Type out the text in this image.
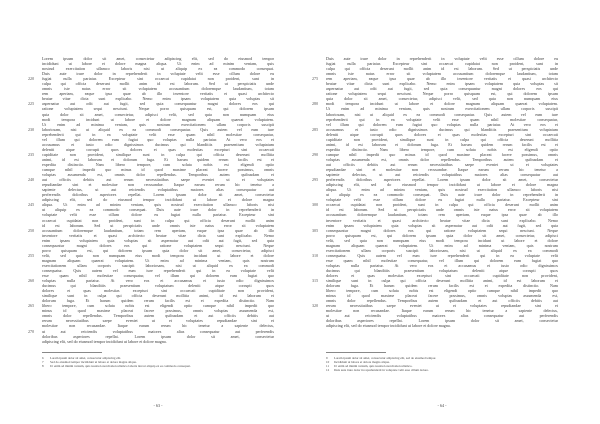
220
225
230
235
240
245
250
255
260
265
270
Lorem ipsum dolor sit amet, consectetur adipiscing elit, sed do eiusmod tempor
incididunt ut labore et dolore magna aliqua. Ut enim ad minim veniam, quis
nostrud exercitation ullamco laboris nisi ut aliquip ex ea commodo consequat.
Duis aute irure dolor in reprehenderit in voluptate velit esse cillum dolore eu
fugiat nulla pariatur. Excepteur sint occaecat cupidatat non proident, sunt in
culpa qui officia deserunt mollit anim id est laborum. Sed ut perspiciatis unde
omnis iste natus error sit voluptatem accusantium doloremque laudantium, totam
rem aperiam, eaque ipsa quae ab illo inventore veritatis et quasi architecto
beatae vitae dicta sunt explicabo. Nemo enim ipsam voluptatem quia voluptas sit
aspernatur aut odit aut fugit, sed quia consequuntur magni dolores eos qui
ratione voluptatem sequi nesciunt. Neque porro quisquam est, qui dolorem ipsum
quia dolor sit amet, consectetur, adipisci velit, sed quia non numquam eius
modi tempora incidunt ut labore et dolore magnam aliquam quaerat voluptatem.
Ut enim ad minima veniam, quis nostrum exercitationem ullam corporis suscipit
laboriosam, nisi ut aliquid ex ea commodi consequatur. Quis autem vel eum iure
reprehenderit qui in ea voluptate velit esse quam nihil molestiae consequatur,
vel illum qui dolorem eum fugiat quo voluptas nulla pariatur. At vero eos et
accusamus et iusto odio dignissimos ducimus qui blanditiis praesentium voluptatum
deleniti atque corrupti quos dolores et quas molestias excepturi sint occaecati
cupiditate non provident, similique sunt in culpa qui officia deserunt mollitia
animi, id est laborum et dolorum fuga. Et harum quidem rerum facilis est et
expedita distinctio. Nam libero tempore, cum soluta nobis est eligendi optio
cumque nihil impedit quo minus id quod maxime placeat facere possimus, omnis
voluptas assumenda est, omnis dolor repellendus. Temporibus autem quibusdam et
aut officiis debitis aut rerum necessitatibus saepe eveniet ut et voluptates
repudiandae sint et molestiae non recusandae. Itaque earum rerum hic tenetur a
sapiente delectus, ut aut reiciendis voluptatibus maiores alias consequatur aut
perferendis doloribus asperiores repellat. Lorem ipsum dolor sit amet, consectetur
adipiscing elit, sed do eiusmod tempor incididunt ut labore et dolore magna
aliqua. Ut enim ad minim veniam, quis nostrud exercitation ullamco laboris nisi
ut aliquip ex ea commodo consequat. Duis aute irure dolor in reprehenderit in
voluptate velit esse cillum dolore eu fugiat nulla pariatur. Excepteur sint
occaecat cupidatat non proident, sunt in culpa qui officia deserunt mollit anim
id est laborum. Sed ut perspiciatis unde omnis iste natus error sit voluptatem
accusantium doloremque laudantium, totam rem aperiam, eaque ipsa quae ab illo
inventore veritatis et quasi architecto beatae vitae dicta sunt explicabo. Nemo
enim ipsam voluptatem quia voluptas sit aspernatur aut odit aut fugit, sed quia
consequuntur magni dolores eos qui ratione voluptatem sequi nesciunt. Neque
porro quisquam est, qui dolorem ipsum quia dolor sit amet, consectetur, adipisci
velit, sed quia non numquam eius modi tempora incidunt ut labore et dolore
magnam aliquam quaerat voluptatem. Ut enim ad minima veniam, quis nostrum
exercitationem ullam corporis suscipit laboriosam, nisi ut aliquid ex ea commodi
consequatur. Quis autem vel eum iure reprehenderit qui in ea voluptate velit
esse quam nihil molestiae consequatur, vel illum qui dolorem eum fugiat quo
voluptas nulla pariatur. At vero eos et accusamus et iusto odio dignissimos
ducimus qui blanditiis praesentium voluptatum deleniti atque corrupti quos
dolores et quas molestias excepturi sint occaecati cupiditate non provident,
similique sunt in culpa qui officia deserunt mollitia animi, id est laborum et
dolorum fuga. Et harum quidem rerum facilis est et expedita distinctio. Nam
libero tempore, cum soluta nobis est eligendi optio cumque nihil impedit quo
minus id quod maxime placeat facere possimus, omnis voluptas assumenda est,
omnis dolor repellendus. Temporibus autem quibusdam et aut officiis debitis aut
rerum necessitatibus saepe eveniet ut et voluptates repudiandae sint et
molestiae non recusandae. Itaque earum rerum hic tenetur a sapiente delectus,
ut aut reiciendis voluptatibus maiores alias consequatur aut perferendis
doloribus asperiores repellat. Lorem ipsum dolor sit amet, consectetur
adipiscing elit, sed do eiusmod tempor incididunt ut labore et dolore magna.
6	Lorem ipsum dolor sit amet, consectetur adipiscing elit.
7	Sed do eiusmod tempor incididunt ut labore et dolore magna aliqua.
8	Ut enim ad minim veniam, quis nostrud exercitation ullamco laboris nisi ut aliquip ex ea commodo consequat.
- 63 -
275
280
285
290
295
300
305
310
315
320
Duis aute irure dolor in reprehenderit in voluptate velit esse cillum dolore eu
fugiat nulla pariatur. Excepteur sint occaecat cupidatat non proident, sunt in
culpa qui officia deserunt mollit anim id est laborum. Sed ut perspiciatis unde
omnis iste natus error sit voluptatem accusantium doloremque laudantium, totam
rem aperiam, eaque ipsa quae ab illo inventore veritatis et quasi architecto
beatae vitae dicta sunt explicabo. Nemo enim ipsam voluptatem quia voluptas sit
aspernatur aut odit aut fugit, sed quia consequuntur magni dolores eos qui
ratione voluptatem sequi nesciunt. Neque porro quisquam est, qui dolorem ipsum
quia dolor sit amet, consectetur, adipisci velit, sed quia non numquam eius
modi tempora incidunt ut labore et dolore magnam aliquam quaerat voluptatem.
Ut enim ad minima veniam, quis nostrum exercitationem ullam corporis suscipit
laboriosam, nisi ut aliquid ex ea commodi consequatur. Quis autem vel eum iure
reprehenderit qui in ea voluptate velit esse quam nihil molestiae consequatur,
vel illum qui dolorem eum fugiat quo voluptas nulla pariatur. At vero eos et
accusamus et iusto odio dignissimos ducimus qui blanditiis praesentium voluptatum
deleniti atque corrupti quos dolores et quas molestias excepturi sint occaecati
cupiditate non provident, similique sunt in culpa qui officia deserunt mollitia
animi, id est laborum et dolorum fuga. Et harum quidem rerum facilis est et
expedita distinctio. Nam libero tempore, cum soluta nobis est eligendi optio
cumque nihil impedit quo minus id quod maxime placeat facere possimus, omnis
voluptas assumenda est, omnis dolor repellendus. Temporibus autem quibusdam et
aut officiis debitis aut rerum necessitatibus saepe eveniet ut et voluptates
repudiandae sint et molestiae non recusandae. Itaque earum rerum hic tenetur a
sapiente delectus, ut aut reiciendis voluptatibus maiores alias consequatur aut
perferendis doloribus asperiores repellat. Lorem ipsum dolor sit amet, consectetur
adipiscing elit, sed do eiusmod tempor incididunt ut labore et dolore magna
aliqua. Ut enim ad minim veniam, quis nostrud exercitation ullamco laboris nisi
ut aliquip ex ea commodo consequat. Duis aute irure dolor in reprehenderit in
voluptate velit esse cillum dolore eu fugiat nulla pariatur. Excepteur sint
occaecat cupidatat non proident, sunt in culpa qui officia deserunt mollit anim
id est laborum. Sed ut perspiciatis unde omnis iste natus error sit voluptatem
accusantium doloremque laudantium, totam rem aperiam, eaque ipsa quae ab illo
inventore veritatis et quasi architecto beatae vitae dicta sunt explicabo. Nemo
enim ipsam voluptatem quia voluptas sit aspernatur aut odit aut fugit, sed quia
consequuntur magni dolores eos qui ratione voluptatem sequi nesciunt. Neque
porro quisquam est, qui dolorem ipsum quia dolor sit amet, consectetur, adipisci
velit, sed quia non numquam eius modi tempora incidunt ut labore et dolore
magnam aliquam quaerat voluptatem. Ut enim ad minima veniam, quis nostrum
exercitationem ullam corporis suscipit laboriosam, nisi ut aliquid ex ea commodi
consequatur. Quis autem vel eum iure reprehenderit qui in ea voluptate velit
esse quam nihil molestiae consequatur, vel illum qui dolorem eum fugiat quo
voluptas nulla pariatur. At vero eos et accusamus et iusto odio dignissimos
ducimus qui blanditiis praesentium voluptatum deleniti atque corrupti quos
dolores et quas molestias excepturi sint occaecati cupiditate non provident,
similique sunt in culpa qui officia deserunt mollitia animi, id est laborum et
dolorum fuga. Et harum quidem rerum facilis est et expedita distinctio. Nam
libero tempore, cum soluta nobis est eligendi optio cumque nihil impedit quo
minus id quod maxime placeat facere possimus, omnis voluptas assumenda est,
omnis dolor repellendus. Temporibus autem quibusdam et aut officiis debitis aut
rerum necessitatibus saepe eveniet ut et voluptates repudiandae sint et
molestiae non recusandae. Itaque earum rerum hic tenetur a sapiente delectus,
ut aut reiciendis voluptatibus maiores alias consequatur aut perferendis
doloribus asperiores repellat. Lorem ipsum dolor sit amet, consectetur
adipiscing elit, sed do eiusmod tempor incididunt ut labore et dolore magna.
9	Lorem ipsum dolor sit amet, consectetur adipiscing elit, sed do eiusmod tempor.
10	Incididunt ut labore et dolore magna aliqua.
11	Ut enim ad minim veniam, quis nostrud exercitation ullamco.
12	Duis aute irure dolor in reprehenderit in voluptate velit esse cillum dolore.
- 64 -
